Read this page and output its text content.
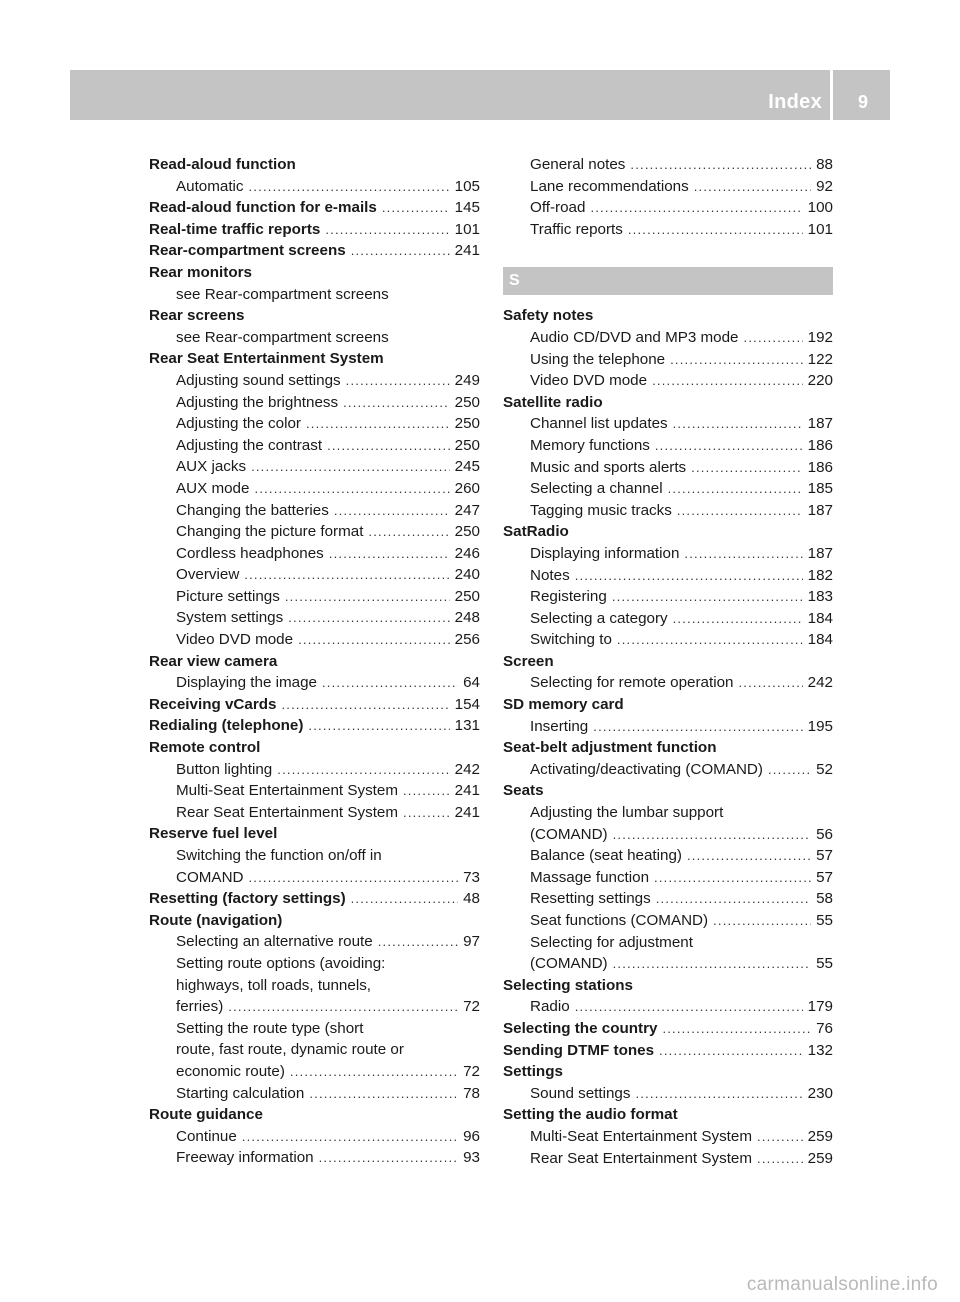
Index 9
Read-aloud function
Automatic .....	105
Read-aloud function for e-mails .....	145
Real-time traffic reports .....	101
Rear-compartment screens .....	241
Rear monitors
see Rear-compartment screens
Rear screens
see Rear-compartment screens
Rear Seat Entertainment System
Adjusting sound settings .....	249
Adjusting the brightness .....	250
Adjusting the color .....	250
Adjusting the contrast .....	250
AUX jacks .....	245
AUX mode .....	260
Changing the batteries .....	247
Changing the picture format .....	250
Cordless headphones .....	246
Overview .....	240
Picture settings .....	250
System settings .....	248
Video DVD mode .....	256
Rear view camera
Displaying the image .....	64
Receiving vCards .....	154
Redialing (telephone) .....	131
Remote control
Button lighting .....	242
Multi-Seat Entertainment System .....	241
Rear Seat Entertainment System .....	241
Reserve fuel level
Switching the function on/off in
COMAND .....	73
Resetting (factory settings) .....	48
Route (navigation)
Selecting an alternative route .....	97
Setting route options (avoiding:
highways, toll roads, tunnels,
ferries) .....	72
Setting the route type (short
route, fast route, dynamic route or
economic route) .....	72
Starting calculation .....	78
Route guidance
Continue .....	96
Freeway information .....	93
General notes .....	88
Lane recommendations .....	92
Off-road .....	100
Traffic reports .....	101
S
Safety notes
Audio CD/DVD and MP3 mode .....	192
Using the telephone .....	122
Video DVD mode .....	220
Satellite radio
Channel list updates .....	187
Memory functions .....	186
Music and sports alerts .....	186
Selecting a channel .....	185
Tagging music tracks .....	187
SatRadio
Displaying information .....	187
Notes .....	182
Registering .....	183
Selecting a category .....	184
Switching to .....	184
Screen
Selecting for remote operation .....	242
SD memory card
Inserting .....	195
Seat-belt adjustment function
Activating/deactivating (COMAND) .....	52
Seats
Adjusting the lumbar support
(COMAND) .....	56
Balance (seat heating) .....	57
Massage function .....	57
Resetting settings .....	58
Seat functions (COMAND) .....	55
Selecting for adjustment
(COMAND) .....	55
Selecting stations
Radio .....	179
Selecting the country .....	76
Sending DTMF tones .....	132
Settings
Sound settings .....	230
Setting the audio format
Multi-Seat Entertainment System .....	259
Rear Seat Entertainment System .....	259
carmanualsonline.info
